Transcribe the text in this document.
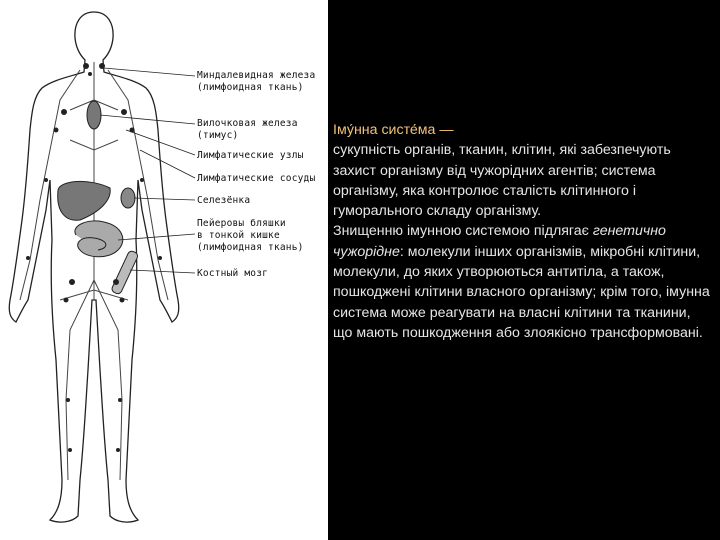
Миндалевидная железа
(лимфоидная ткань)
Вилочковая железа
(тимус)
Лимфатические узлы
Лимфатические сосуды
Селезёнка
Пейеровы бляшки
в тонкой кишке
(лимфоидная ткань)
Костный мозг

Іму́нна систе́ма —
сукупність органів, тканин, клітин, які забезпечують захист організму від чужорідних агентів; система організму, яка контролює сталість клітинного і гуморального складу організму.

Знищенню імунною системою підлягає генетично чужорідне: молекули інших організмів, мікробні клітини, молекули, до яких утворюються антитіла, а також, пошкоджені клітини власного організму; крім того, імунна система може реагувати на власні клітини та тканини, що мають пошкодження або злоякісно трансформовані.
